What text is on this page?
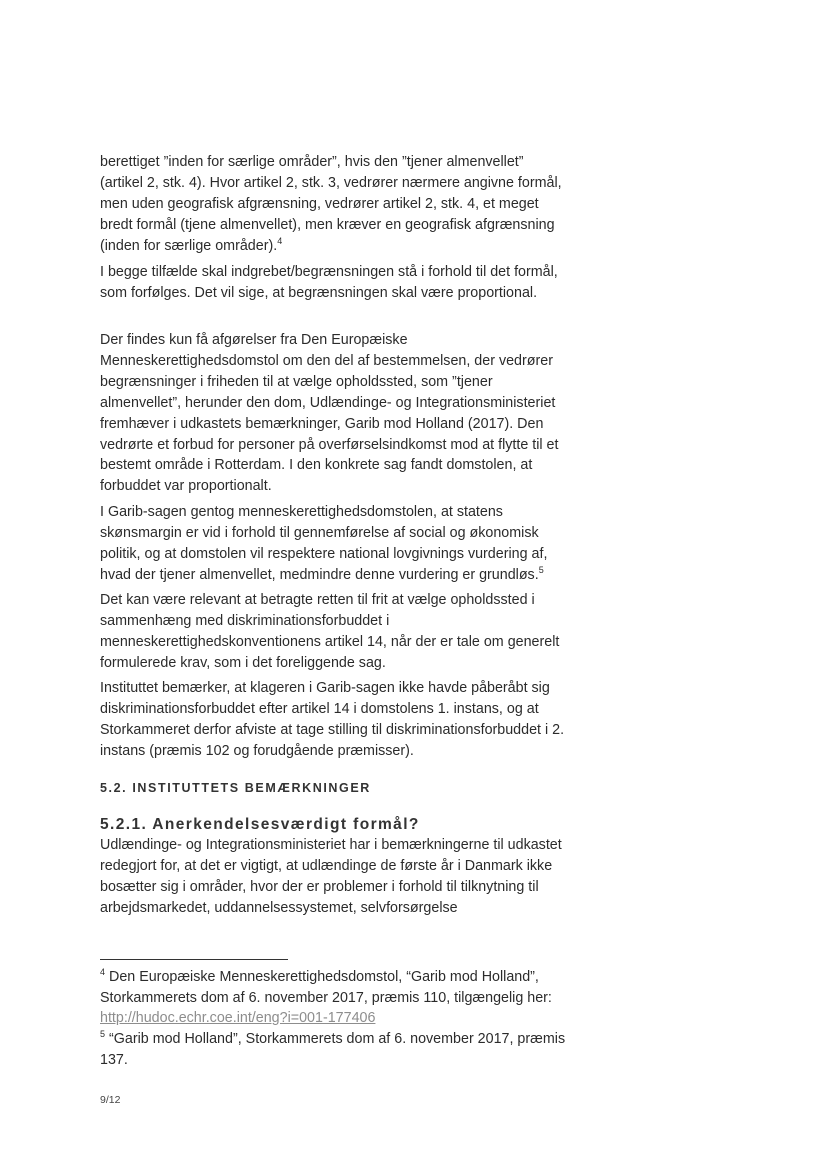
berettiget ”inden for særlige områder”, hvis den ”tjener almenvellet” (artikel 2, stk. 4). Hvor artikel 2, stk. 3, vedrører nærmere angivne formål, men uden geografisk afgrænsning, vedrører artikel 2, stk. 4, et meget bredt formål (tjene almenvellet), men kræver en geografisk afgrænsning (inden for særlige områder).$^4$

I begge tilfælde skal indgrebet/begrænsningen stå i forhold til det formål, som forfølges. Det vil sige, at begrænsningen skal være proportional.

Der findes kun få afgørelser fra Den Europæiske Menneskerettighedsdomstol om den del af bestemmelsen, der vedrører begrænsninger i friheden til at vælge opholdssted, som ”tjener almenvellet”, herunder den dom, Udlændinge- og Integrationsministeriet fremhæver i udkastets bemærkninger, Garib mod Holland (2017). Den vedrørte et forbud for personer på overførselsindkomst mod at flytte til et bestemt område i Rotterdam. I den konkrete sag fandt domstolen, at forbuddet var proportionalt.

I Garib-sagen gentog menneskerettighedsdomstolen, at statens skønsmargin er vid i forhold til gennemførelse af social og økonomisk politik, og at domstolen vil respektere national lovgivnings vurdering af, hvad der tjener almenvellet, medmindre denne vurdering er grundløs.$^5$

Det kan være relevant at betragte retten til frit at vælge opholdssted i sammenhæng med diskriminationsforbuddet i menneskerettighedskonventionens artikel 14, når der er tale om generelt formulerede krav, som i det foreliggende sag.

Instituttet bemærker, at klageren i Garib-sagen ikke havde påberåbt sig diskriminationsforbuddet efter artikel 14 i domstolens 1. instans, og at Storkammeret derfor afviste at tage stilling til diskriminationsforbuddet i 2. instans (præmis 102 og forudgående præmisser).

5.2. INSTITUTTETS BEMÆRKNINGER
5.2.1. Anerkendelsesværdigt formål?

Udlændinge- og Integrationsministeriet har i bemærkningerne til udkastet redegjort for, at det er vigtigt, at udlændinge de første år i Danmark ikke bosætter sig i områder, hvor der er problemer i forhold til tilknytning til arbejdsmarkedet, uddannelsessystemet, selvforsørgelse

$^4$ Den Europæiske Menneskerettighedsdomstol, “Garib mod Holland”, Storkammerets dom af 6. november 2017, præmis 110, tilgængelig her:
http://hudoc.echr.coe.int/eng?i=001-177406

$^5$ “Garib mod Holland”, Storkammerets dom af 6. november 2017, præmis 137.

9/12
